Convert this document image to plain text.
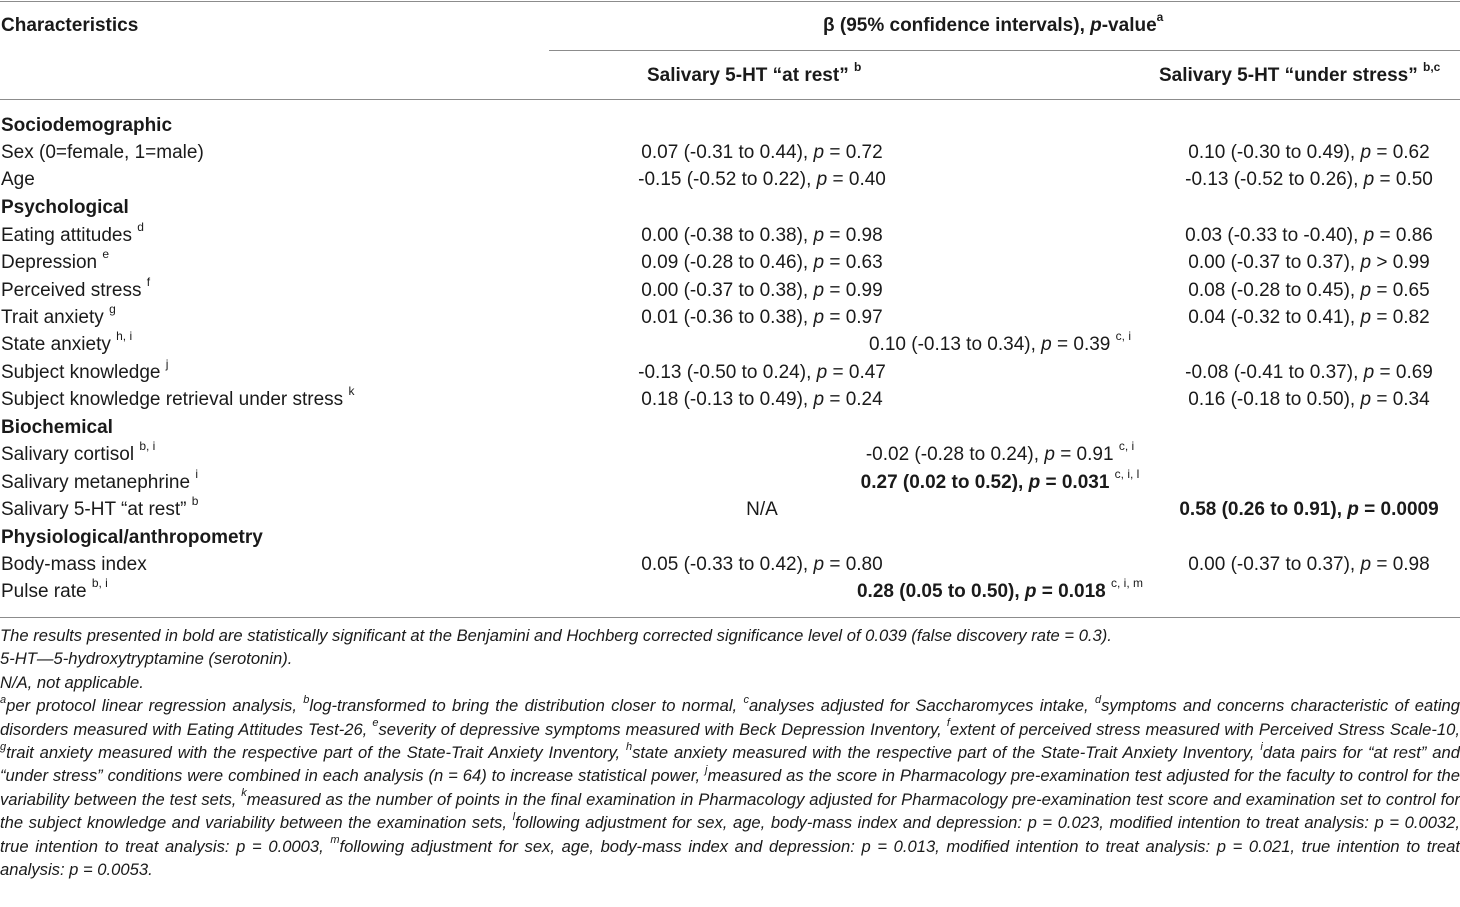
Characteristics	β (95% confidence intervals), p-value$^a$
Salivary 5-HT “at rest” $^b$	Salivary 5-HT “under stress” $^{b,c}$
Sociodemographic
Sex (0=female, 1=male)	0.07 (-0.31 to 0.44), p = 0.72	0.10 (-0.30 to 0.49), p = 0.62
Age	-0.15 (-0.52 to 0.22), p = 0.40	-0.13 (-0.52 to 0.26), p = 0.50
Psychological
Eating attitudes $^d$	0.00 (-0.38 to 0.38), p = 0.98	0.03 (-0.33 to -0.40), p = 0.86
Depression $^e$	0.09 (-0.28 to 0.46), p = 0.63	0.00 (-0.37 to 0.37), p > 0.99
Perceived stress $^f$	0.00 (-0.37 to 0.38), p = 0.99	0.08 (-0.28 to 0.45), p = 0.65
Trait anxiety $^g$	0.01 (-0.36 to 0.38), p = 0.97	0.04 (-0.32 to 0.41), p = 0.82
State anxiety $^{h, i}$	0.10 (-0.13 to 0.34), p = 0.39 $^{c, i}$
Subject knowledge $^j$	-0.13 (-0.50 to 0.24), p = 0.47	-0.08 (-0.41 to 0.37), p = 0.69
Subject knowledge retrieval under stress $^k$	0.18 (-0.13 to 0.49), p = 0.24	0.16 (-0.18 to 0.50), p = 0.34
Biochemical
Salivary cortisol $^{b, i}$	-0.02 (-0.28 to 0.24), p = 0.91 $^{c, i}$
Salivary metanephrine $^i$	0.27 (0.02 to 0.52), p = 0.031 $^{c, i, l}$
Salivary 5-HT “at rest” $^b$	N/A	0.58 (0.26 to 0.91), p = 0.0009
Physiological/anthropometry
Body-mass index	0.05 (-0.33 to 0.42), p = 0.80	0.00 (-0.37 to 0.37), p = 0.98
Pulse rate $^{b, i}$	0.28 (0.05 to 0.50), p = 0.018 $^{c, i, m}$

The results presented in bold are statistically significant at the Benjamini and Hochberg corrected significance level of 0.039 (false discovery rate = 0.3).

5-HT—5-hydroxytryptamine (serotonin).

N/A, not applicable.

$^a$per protocol linear regression analysis, $^b$log-transformed to bring the distribution closer to normal, $^c$analyses adjusted for Saccharomyces intake, $^d$symptoms and concerns characteristic of eating disorders measured with Eating Attitudes Test-26, $^e$severity of depressive symptoms measured with Beck Depression Inventory, $^f$extent of perceived stress measured with Perceived Stress Scale-10, $^g$trait anxiety measured with the respective part of the State-Trait Anxiety Inventory, $^h$state anxiety measured with the respective part of the State-Trait Anxiety Inventory, $^i$data pairs for “at rest” and “under stress” conditions were combined in each analysis (n = 64) to increase statistical power, $^j$measured as the score in Pharmacology pre-examination test adjusted for the faculty to control for the variability between the test sets, $^k$measured as the number of points in the final examination in Pharmacology adjusted for Pharmacology pre-examination test score and examination set to control for the subject knowledge and variability between the examination sets, $^l$following adjustment for sex, age, body-mass index and depression: p = 0.023, modified intention to treat analysis: p = 0.0032, true intention to treat analysis: p = 0.0003, $^m$following adjustment for sex, age, body-mass index and depression: p = 0.013, modified intention to treat analysis: p = 0.021, true intention to treat analysis: p = 0.0053.
